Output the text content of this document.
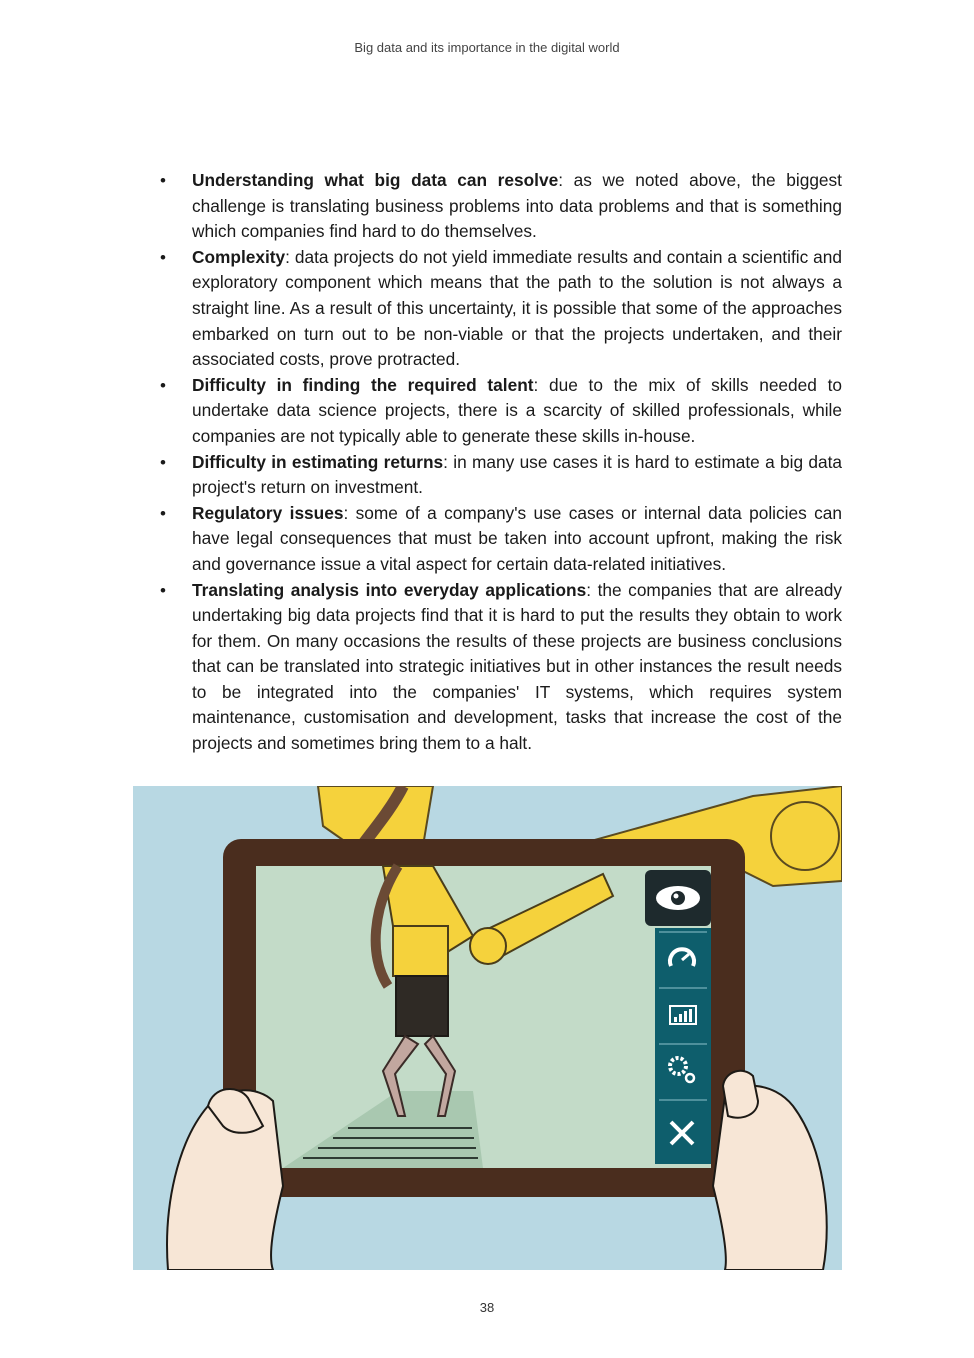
Big data and its importance in the digital world
• Understanding what big data can resolve: as we noted above, the biggest challenge is translating business problems into data problems and that is something which companies find hard to do themselves.
• Complexity: data projects do not yield immediate results and contain a scientific and exploratory component which means that the path to the solution is not always a straight line. As a result of this uncertainty, it is possible that some of the approaches embarked on turn out to be non-viable or that the projects undertaken, and their associated costs, prove protracted.
• Difficulty in finding the required talent: due to the mix of skills needed to undertake data science projects, there is a scarcity of skilled professionals, while companies are not typically able to generate these skills in-house.
• Difficulty in estimating returns: in many use cases it is hard to estimate a big data project's return on investment.
• Regulatory issues: some of a company's use cases or internal data policies can have legal consequences that must be taken into account upfront, making the risk and governance issue a vital aspect for certain data-related initiatives.
• Translating analysis into everyday applications: the companies that are already undertaking big data projects find that it is hard to put the results they obtain to work for them. On many occasions the results of these projects are business conclusions that can be translated into strategic initiatives but in other instances the result needs to be integrated into the companies' IT systems, which requires system maintenance, customisation and development, tasks that increase the cost of the projects and sometimes bring them to a halt.
38
